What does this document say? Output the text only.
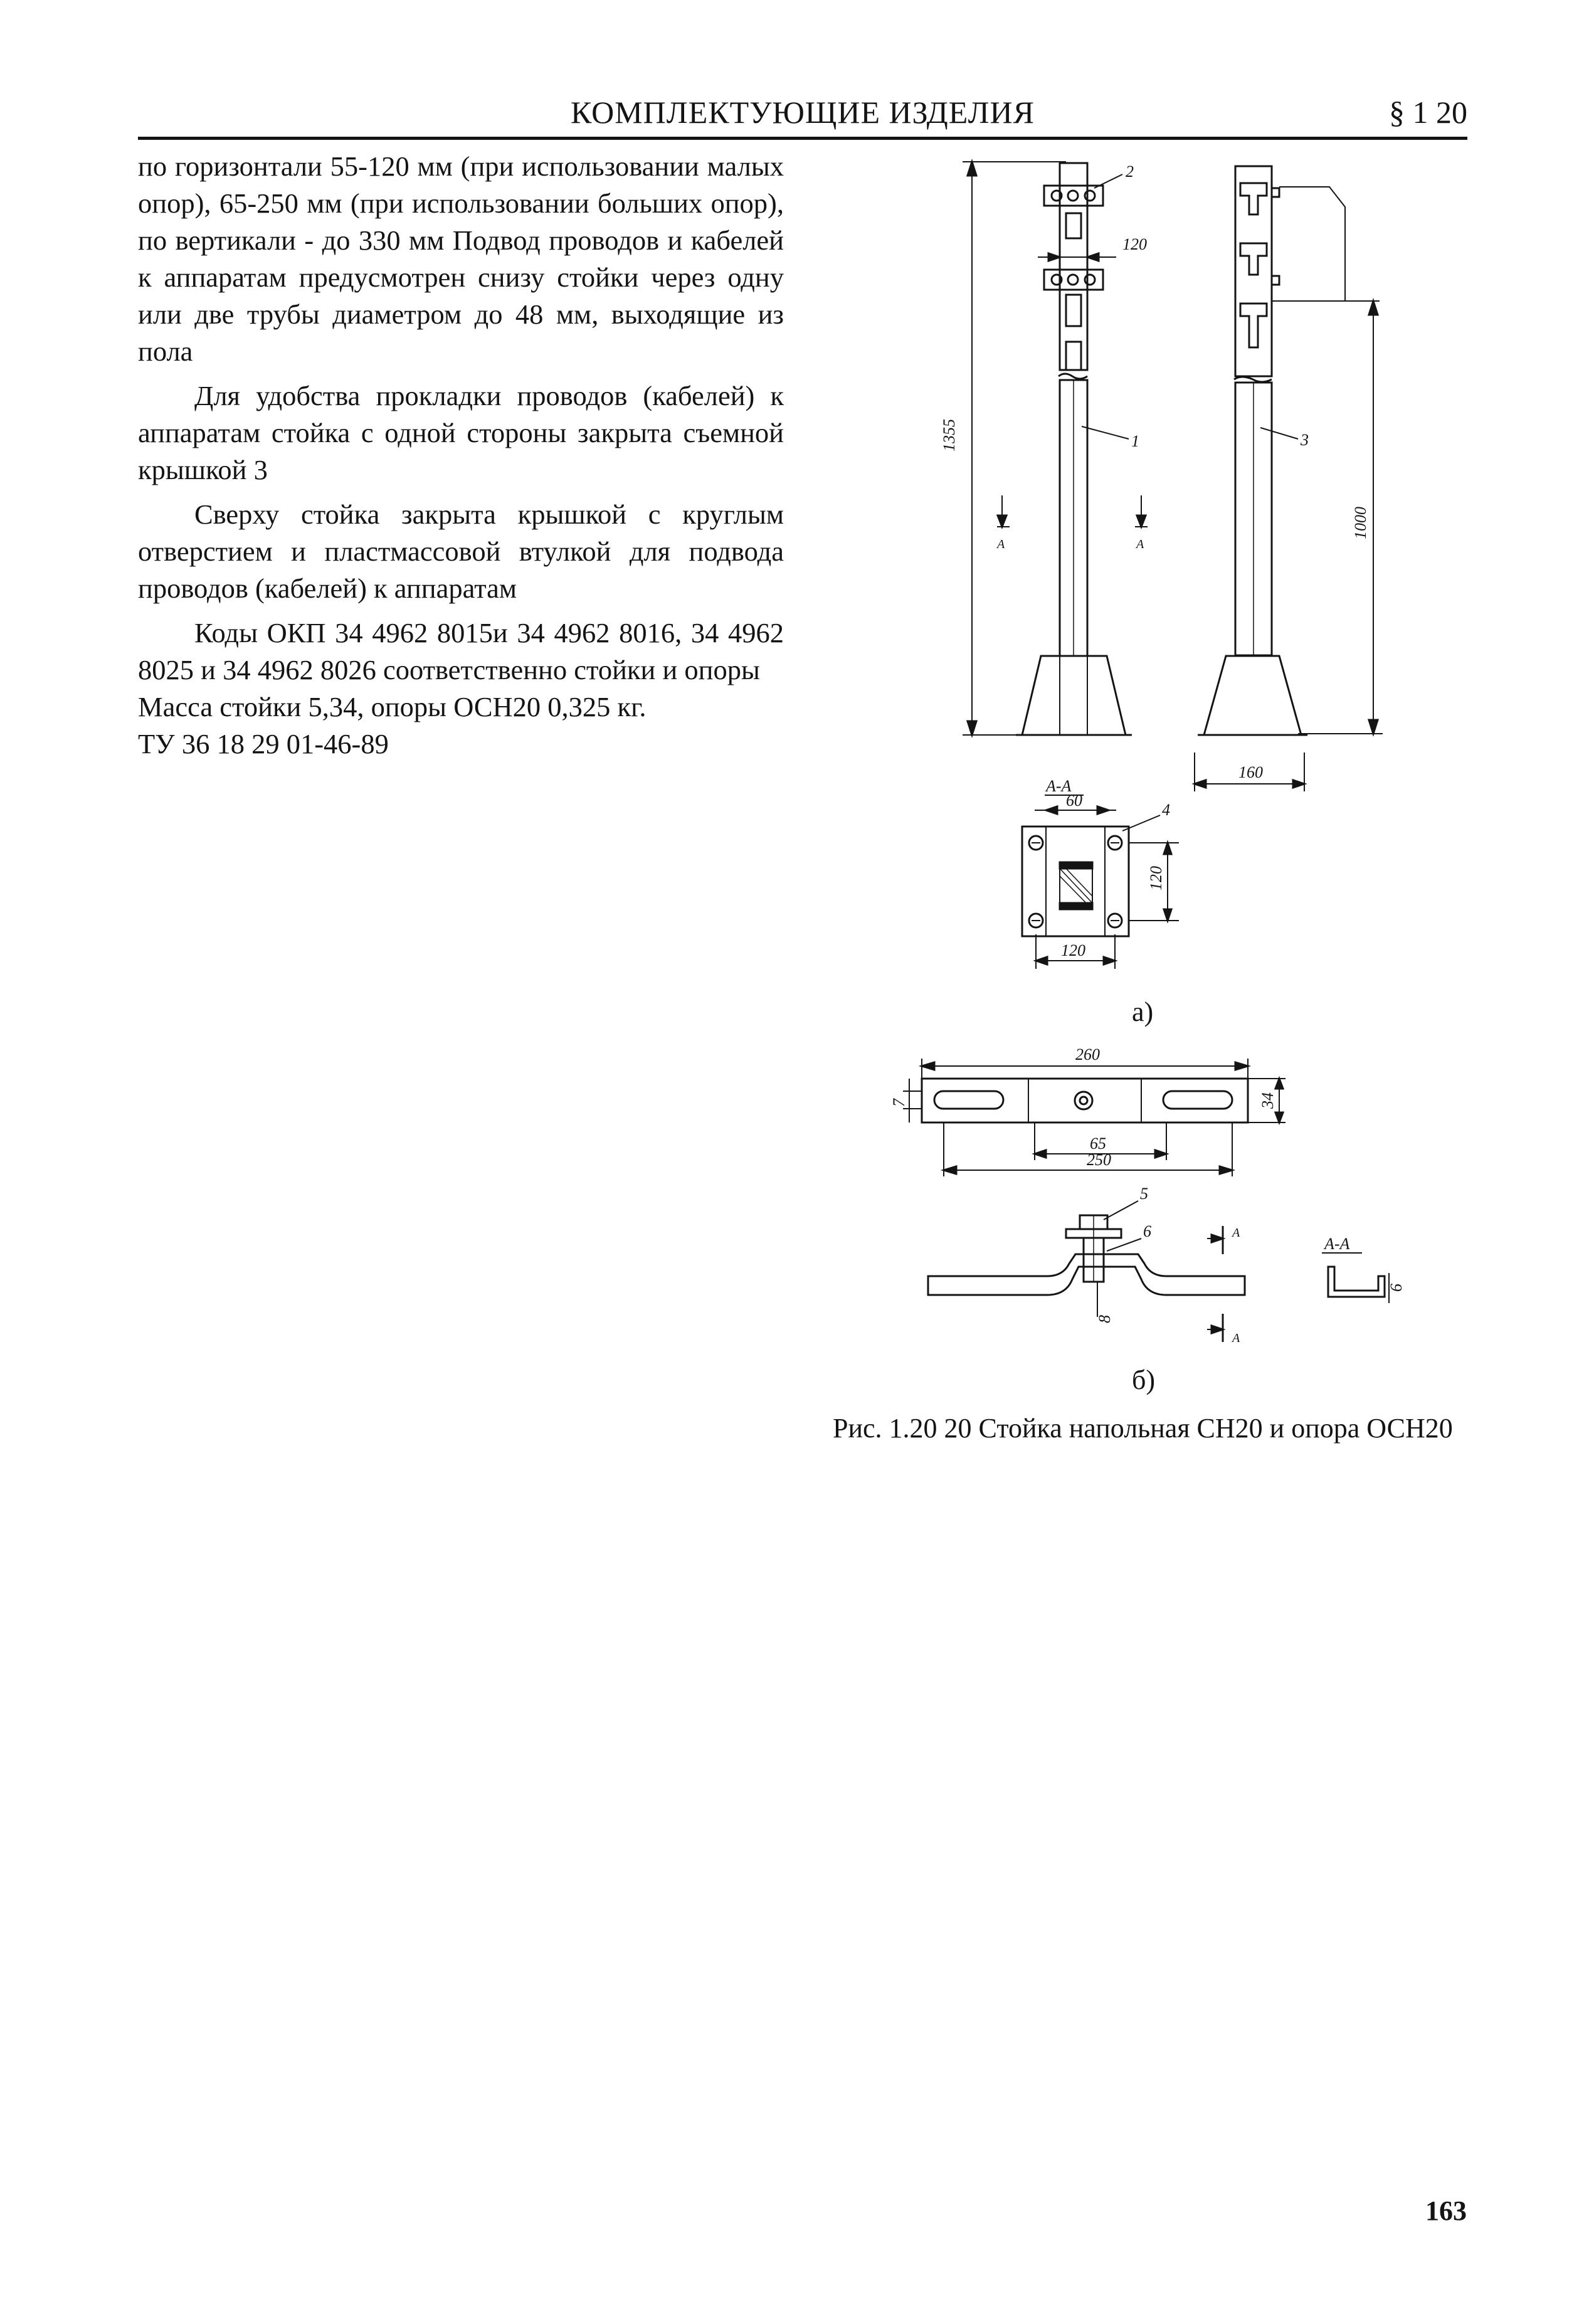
КОМПЛЕКТУЮЩИЕ ИЗДЕЛИЯ	§ 1 20

по горизонтали 55-120 мм (при использовании малых опор), 65-250 мм (при использовании больших опор), по вертикали - до 330 мм Подвод проводов и кабелей к аппаратам предусмотрен снизу стойки через одну или две трубы диаметром до 48 мм, выходящие из пола

Для удобства прокладки проводов (кабелей) к аппаратам стойка с одной стороны закрыта съемной крышкой 3

Сверху стойка закрыта крышкой с круглым отверстием и пластмассовой втулкой для подвода проводов (кабелей) к аппаратам

Коды ОКП 34 4962 8015и 34 4962 8016, 34 4962 8025 и 34 4962 8026 соответственно стойки и опоры

Масса стойки 5,34, опоры ОСН20 0,325 кг.

ТУ 36 18 29 01-46-89

1355
120
2
1
A	A
3
1000
160
А-А
60
4
120
120
260
7	34
65
250
5
6
8
A
A
А-А
6
а)
б)
Рис. 1.20 20 Стойка напольная СН20 и опора ОСН20
163
